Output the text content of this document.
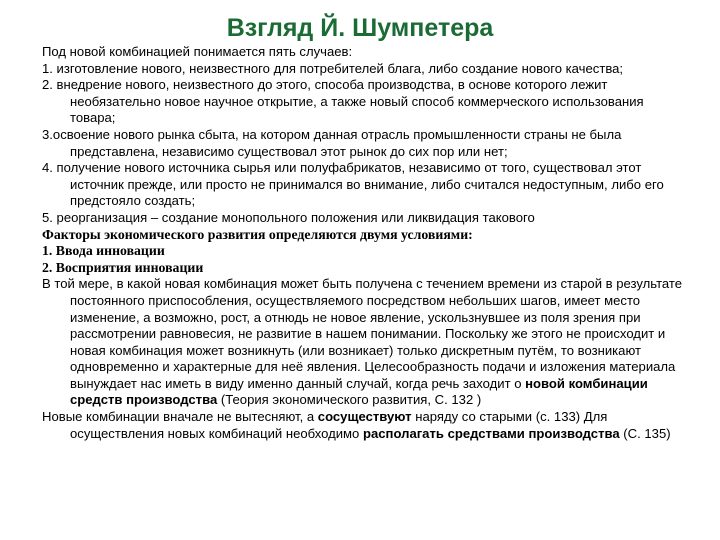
Взгляд Й. Шумпетера

Под новой комбинацией понимается пять случаев:

1. изготовление нового, неизвестного для потребителей блага, либо создание нового качества;

2. внедрение нового, неизвестного до этого, способа производства, в основе которого лежит необязательно новое научное открытие, а также новый способ коммерческого использования товара;

3.освоение нового рынка сбыта, на котором данная отрасль промышленности страны не была представлена, независимо существовал этот рынок до сих пор или нет;

4. получение нового источника сырья или полуфабрикатов, независимо от того, существовал этот источник прежде, или просто не принимался во внимание, либо считался недоступным, либо его предстояло создать;

5. реорганизация – создание монопольного положения или ликвидация такового

Факторы экономического развития определяются двумя условиями:

1. Ввода инновации

2. Восприятия инновации

В той мере, в какой новая комбинация может быть получена с течением времени из старой в результате постоянного приспособления, осуществляемого посредством небольших шагов, имеет место изменение, а возможно, рост, а отнюдь не новое явление, ускользнувшее из поля зрения при рассмотрении равновесия, не развитие в нашем понимании. Поскольку же этого не происходит и новая комбинация может возникнуть (или возникает) только дискретным путём, то возникают одновременно и характерные для неё явления. Целесообразность подачи и изложения материала вынуждает нас иметь в виду именно данный случай, когда речь заходит о новой комбинации средств производства (Теория экономического развития, С. 132 )

Новые комбинации вначале не вытесняют, а сосуществуют наряду со старыми (с. 133) Для осуществления новых комбинаций необходимо располагать средствами производства (С. 135)
